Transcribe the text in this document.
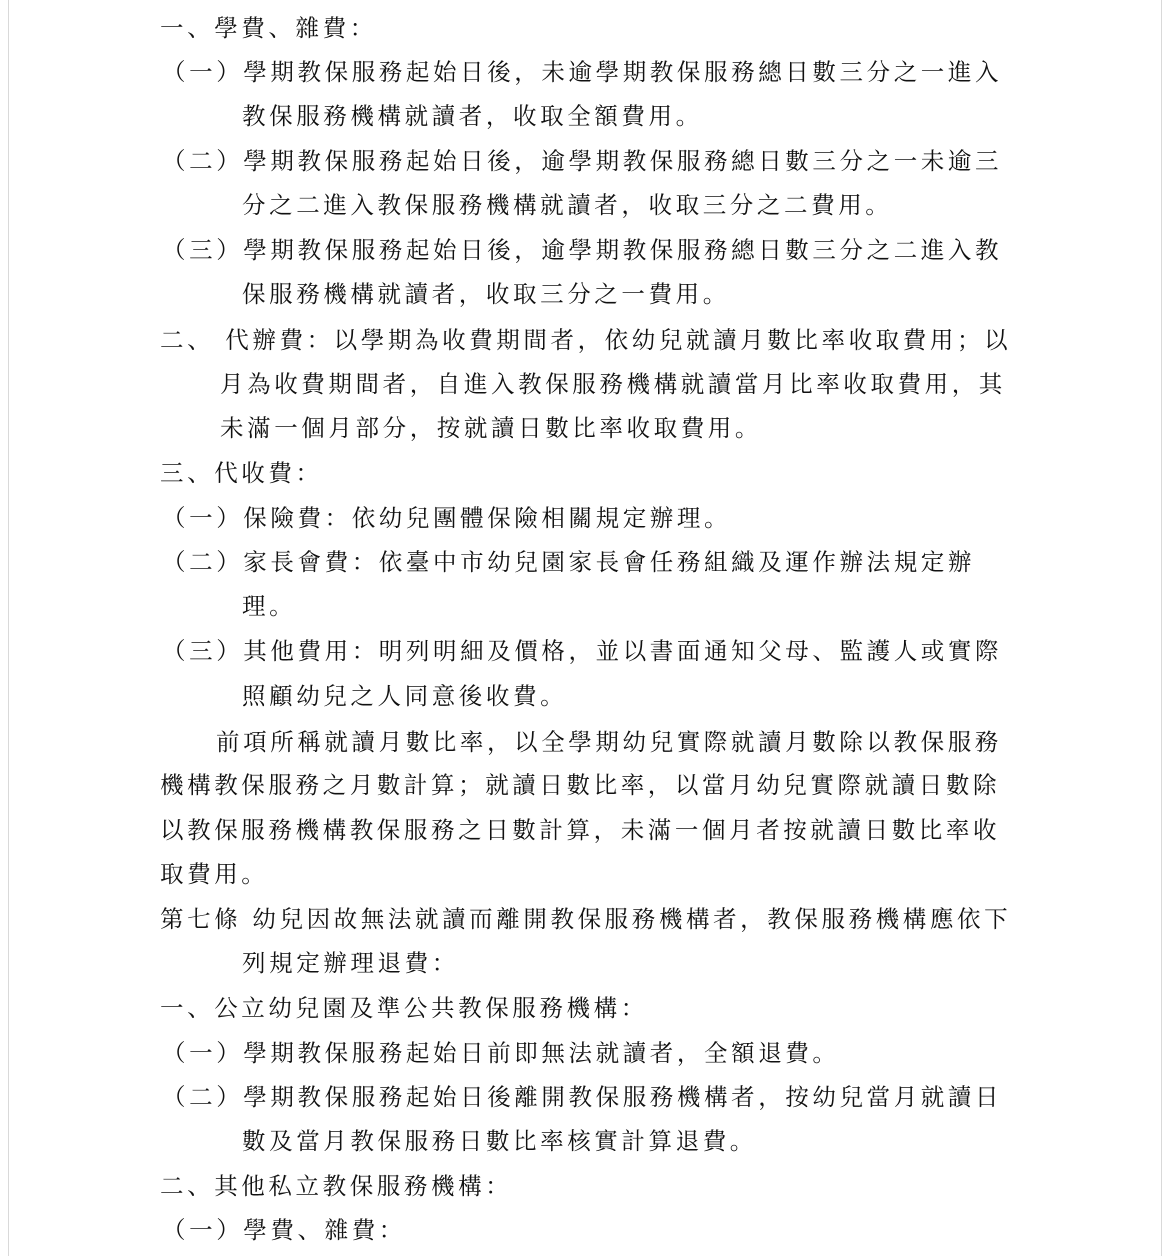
一、學費、雜費：
（一）學期教保服務起始日後，未逾學期教保服務總日數三分之一進入
教保服務機構就讀者，收取全額費用。
（二）學期教保服務起始日後，逾學期教保服務總日數三分之一未逾三
分之二進入教保服務機構就讀者，收取三分之二費用。
（三）學期教保服務起始日後，逾學期教保服務總日數三分之二進入教
保服務機構就讀者，收取三分之一費用。
二、 代辦費：以學期為收費期間者，依幼兒就讀月數比率收取費用；以
月為收費期間者，自進入教保服務機構就讀當月比率收取費用，其
未滿一個月部分，按就讀日數比率收取費用。
三、代收費：
（一）保險費：依幼兒團體保險相關規定辦理。
（二）家長會費：依臺中市幼兒園家長會任務組織及運作辦法規定辦
理。
（三）其他費用：明列明細及價格，並以書面通知父母、監護人或實際
照顧幼兒之人同意後收費。
前項所稱就讀月數比率，以全學期幼兒實際就讀月數除以教保服務
機構教保服務之月數計算；就讀日數比率，以當月幼兒實際就讀日數除
以教保服務機構教保服務之日數計算，未滿一個月者按就讀日數比率收
取費用。
第七條 幼兒因故無法就讀而離開教保服務機構者，教保服務機構應依下
列規定辦理退費：
一、公立幼兒園及準公共教保服務機構：
（一）學期教保服務起始日前即無法就讀者，全額退費。
（二）學期教保服務起始日後離開教保服務機構者，按幼兒當月就讀日
數及當月教保服務日數比率核實計算退費。
二、其他私立教保服務機構：
（一）學費、雜費：
